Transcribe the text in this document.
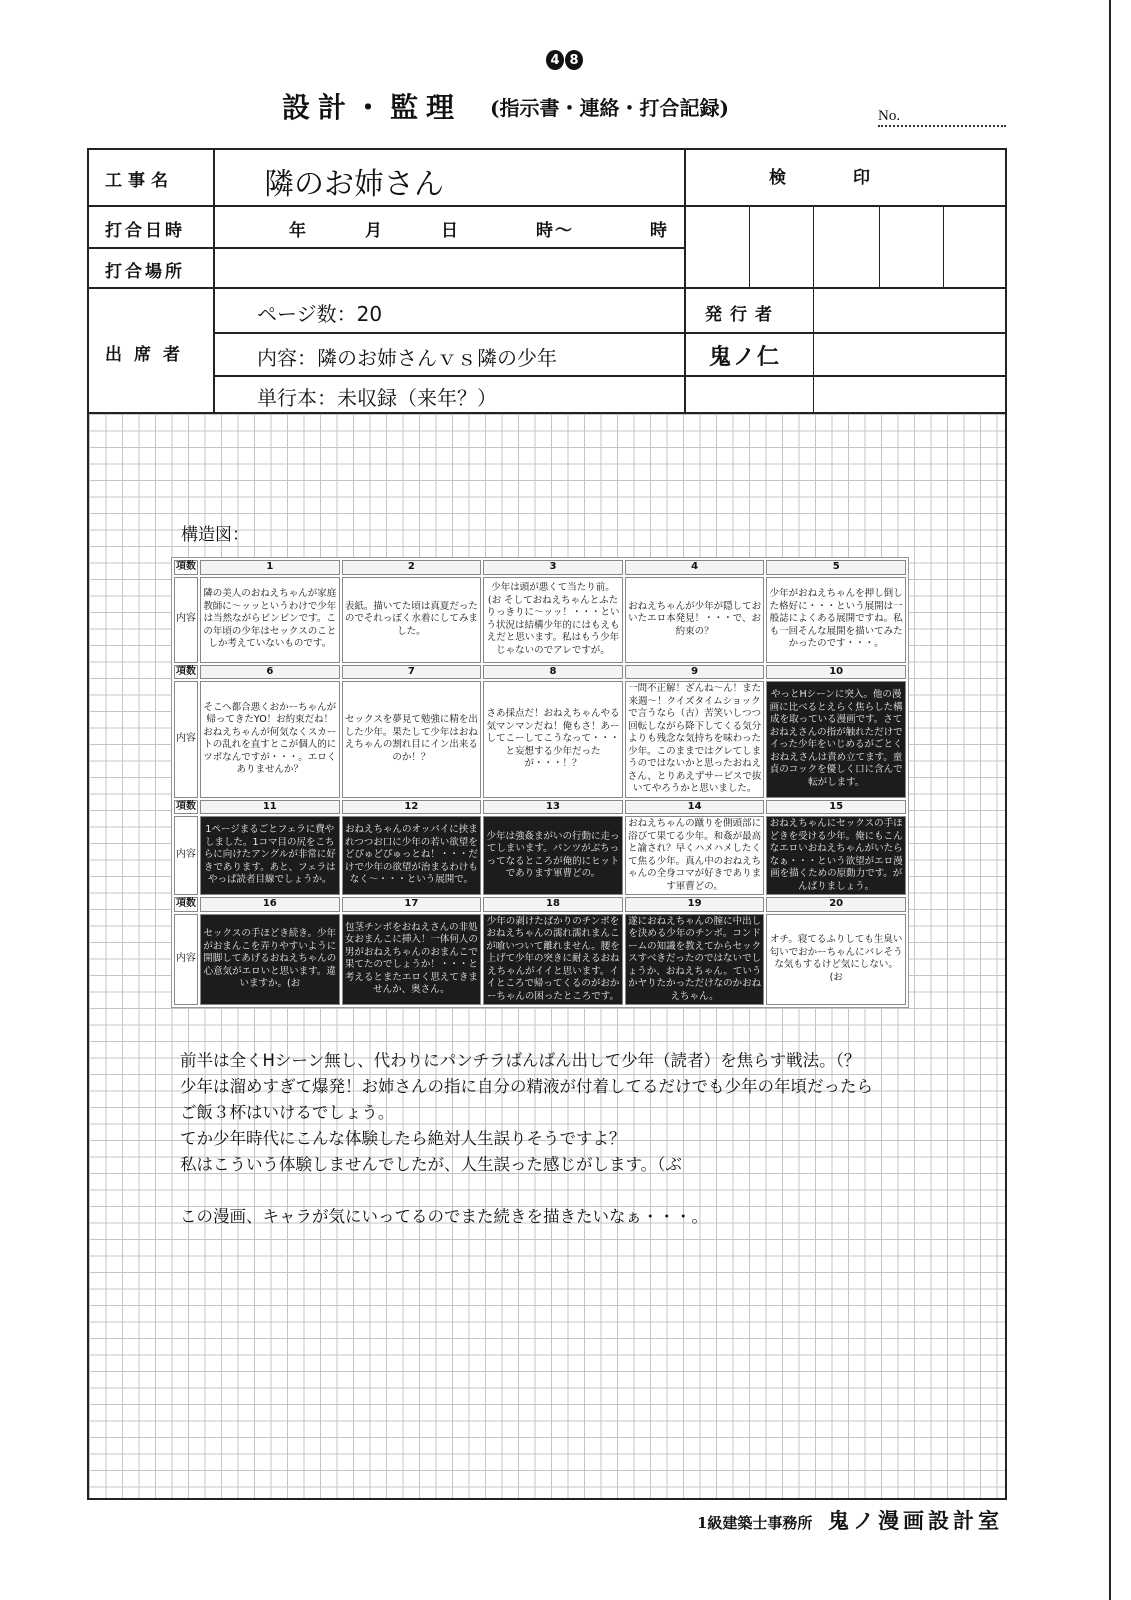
4 8
設計・監理 (指示書・連絡・打合記録)	No.
工事名	隣のお姉さん	検　　　印
打合日時	年　　　月　　　日　　　　時〜　　　　時
打合場所
出席者
ページ数：20
内容：隣のお姉さんｖｓ隣の少年
単行本：未収録（来年？）
発行者
鬼ノ仁
構造図：
項数	1	2	3	4	5
内容	隣の美人のおねえちゃんが家庭教師に〜ッッというわけで少年は当然ながらビンビンです。この年頃の少年はセックスのことしか考えていないものです。	表紙。描いてた頃は真夏だったのでそれっぽく水着にしてみました。	少年は頭が悪くて当たり前。(お そしておねえちゃんとふたりっきりに〜ッッ！・・・という状況は結構少年的にはもえもえだと思います。私はもう少年じゃないのでアレですが。	おねえちゃんが少年が隠しておいたエロ本発見！・・・で、お約束の？	少年がおねえちゃんを押し倒した格好に・・・という展開は一般誌によくある展開ですね。私も一回そんな展開を描いてみたかったのです・・・。
項数	6	7	8	9	10
内容	そこへ都合悪くおかーちゃんが帰ってきたYO！お約束だね！おねえちゃんが何気なくスカートの乱れを直すとこが個人的にツボなんですが・・・。エロくありませんか？	セックスを夢見て勉強に精を出した少年。果たして少年はおねえちゃんの割れ目にイン出来るのか！？	さあ採点だ！おねえちゃんやる気マンマンだね！俺もさ！あーしてこーしてこうなって・・・と妄想する少年だったが・・・！？	一問不正解！ざんね〜ん！また来週〜！クイズタイムショックで言うなら（古）苦笑いしつつ回転しながら降下してくる気分よりも残念な気持ちを味わった少年。このままではグレてしまうのではないかと思ったおねえさん、とりあえずサービスで抜いてやろうかと思いました。	やっとHシーンに突入。他の漫画に比べるとえらく焦らした構成を取っている漫画です。さておねえさんの指が触れただけでイった少年をいじめるがごとくおねえさんは責め立てます。童貞のコックを優しく口に含んで転がします。
項数	11	12	13	14	15
内容	1ページまるごとフェラに費やしました。1コマ目の尻をこちらに向けたアングルが非常に好きであります。あと、フェラはやっぱ読者目線でしょうか。	おねえちゃんのオッパイに挟まれつつお口に少年の若い欲望をどぴゅどぴゅっとね！・・・だけで少年の欲望が治まるわけもなく〜・・・という展開で。	少年は強姦まがいの行動に走ってしまいます。パンツがぶちっってなるところが俺的にヒットであります軍曹どの。	おねえちゃんの蹴りを側頭部に浴びて果てる少年。和姦が最高と諭され？早くハメハメしたくて焦る少年。真ん中のおねえちゃんの全身コマが好きであります軍曹どの。	おねえちゃんにセックスの手ほどきを受ける少年。俺にもこんなエロいおねえちゃんがいたらなぁ・・・という欲望がエロ漫画を描くための原動力です。がんばりましょう。
項数	16	17	18	19	20
内容	セックスの手ほどき続き。少年がおまんこを弄りやすいように開脚してあげるおねえちゃんの心意気がエロいと思います。違いますか。(お	包茎チンポをおねえさんの非処女おまんこに挿入！一体何人の男がおねえちゃんのおまんこで果てたのでしょうか！・・・と考えるとまたエロく思えてきませんか、奥さん。	少年の剥けたばかりのチンポをおねえちゃんの濡れ濡れまんこが喰いついて離れません。腰を上げて少年の突きに耐えるおねえちゃんがイイと思います。イイところで帰ってくるのがおかーちゃんの困ったところです。	遂におねえちゃんの膣に中出しを決める少年のチンポ。コンドームの知識を教えてからセックスすべきだったのではないでしょうか、おねえちゃん。ていうかヤりたかっただけなのかおねえちゃん。	オチ。寝てるふりしても生臭い匂いでおかーちゃんにバレそうな気もするけど気にしない。(お
前半は全くHシーン無し、代わりにパンチラばんばん出して少年（読者）を焦らす戦法。（？
少年は溜めすぎて爆発！お姉さんの指に自分の精液が付着してるだけでも少年の年頃だったら
ご飯３杯はいけるでしょう。
てか少年時代にこんな体験したら絶対人生誤りそうですよ？
私はこういう体験しませんでしたが、人生誤った感じがします。（ぶ
この漫画、キャラが気にいってるのでまた続きを描きたいなぁ・・・。
1級建築士事務所 鬼ノ漫画設計室
